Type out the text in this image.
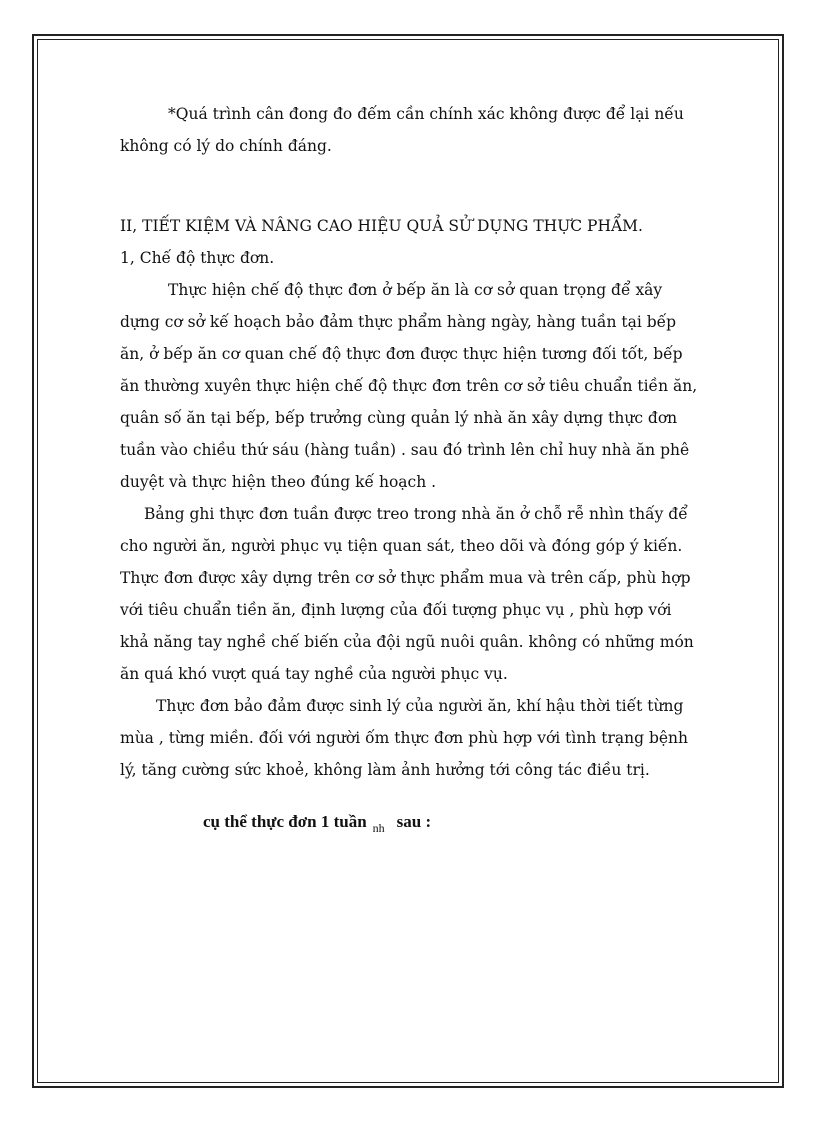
*Quá trình cân đong đo đếm cần chính xác không được để lại nếu không có lý do chính đáng.

II, TIẾT KIỆM VÀ NÂNG CAO HIỆU QUẢ SỬ DỤNG THỰC PHẨM.

1, Chế độ thực đơn.

Thực hiện chế độ thực đơn ở bếp ăn là cơ sở quan trọng để xây dựng cơ sở kế hoạch bảo đảm thực phẩm hàng ngày, hàng tuần tại bếp ăn, ở bếp ăn cơ quan chế độ thực đơn được thực hiện tương đối tốt, bếp ăn thường xuyên thực hiện chế độ thực đơn trên cơ sở tiêu chuẩn tiền ăn, quân số ăn tại bếp, bếp trưởng cùng quản lý nhà ăn xây dựng thực đơn tuần vào chiều thứ sáu (hàng tuần) . sau đó trình lên chỉ huy nhà ăn phê duyệt và thực hiện theo đúng kế hoạch .

Bảng ghi thực đơn tuần được treo trong nhà ăn ở chỗ rễ nhìn thấy để cho người ăn, người phục vụ tiện quan sát, theo dõi và đóng góp ý kiến. Thực đơn được xây dựng trên cơ sở thực phẩm mua và trên cấp, phù hợp với tiêu chuẩn tiền ăn, định lượng của đối tượng phục vụ , phù hợp với khả năng tay nghề chế biến của đội ngũ nuôi quân. không có những món ăn quá khó vượt quá tay nghề của người phục vụ.

Thực đơn bảo đảm được sinh lý của người ăn, khí hậu thời tiết từng mùa , từng miền. đối với người ốm thực đơn phù hợp với tình trạng bệnh lý, tăng cường sức khoẻ, không làm ảnh hưởng tới công tác điều trị.

cụ thể thực đơn 1 tuần $_{nh}$ sau :
